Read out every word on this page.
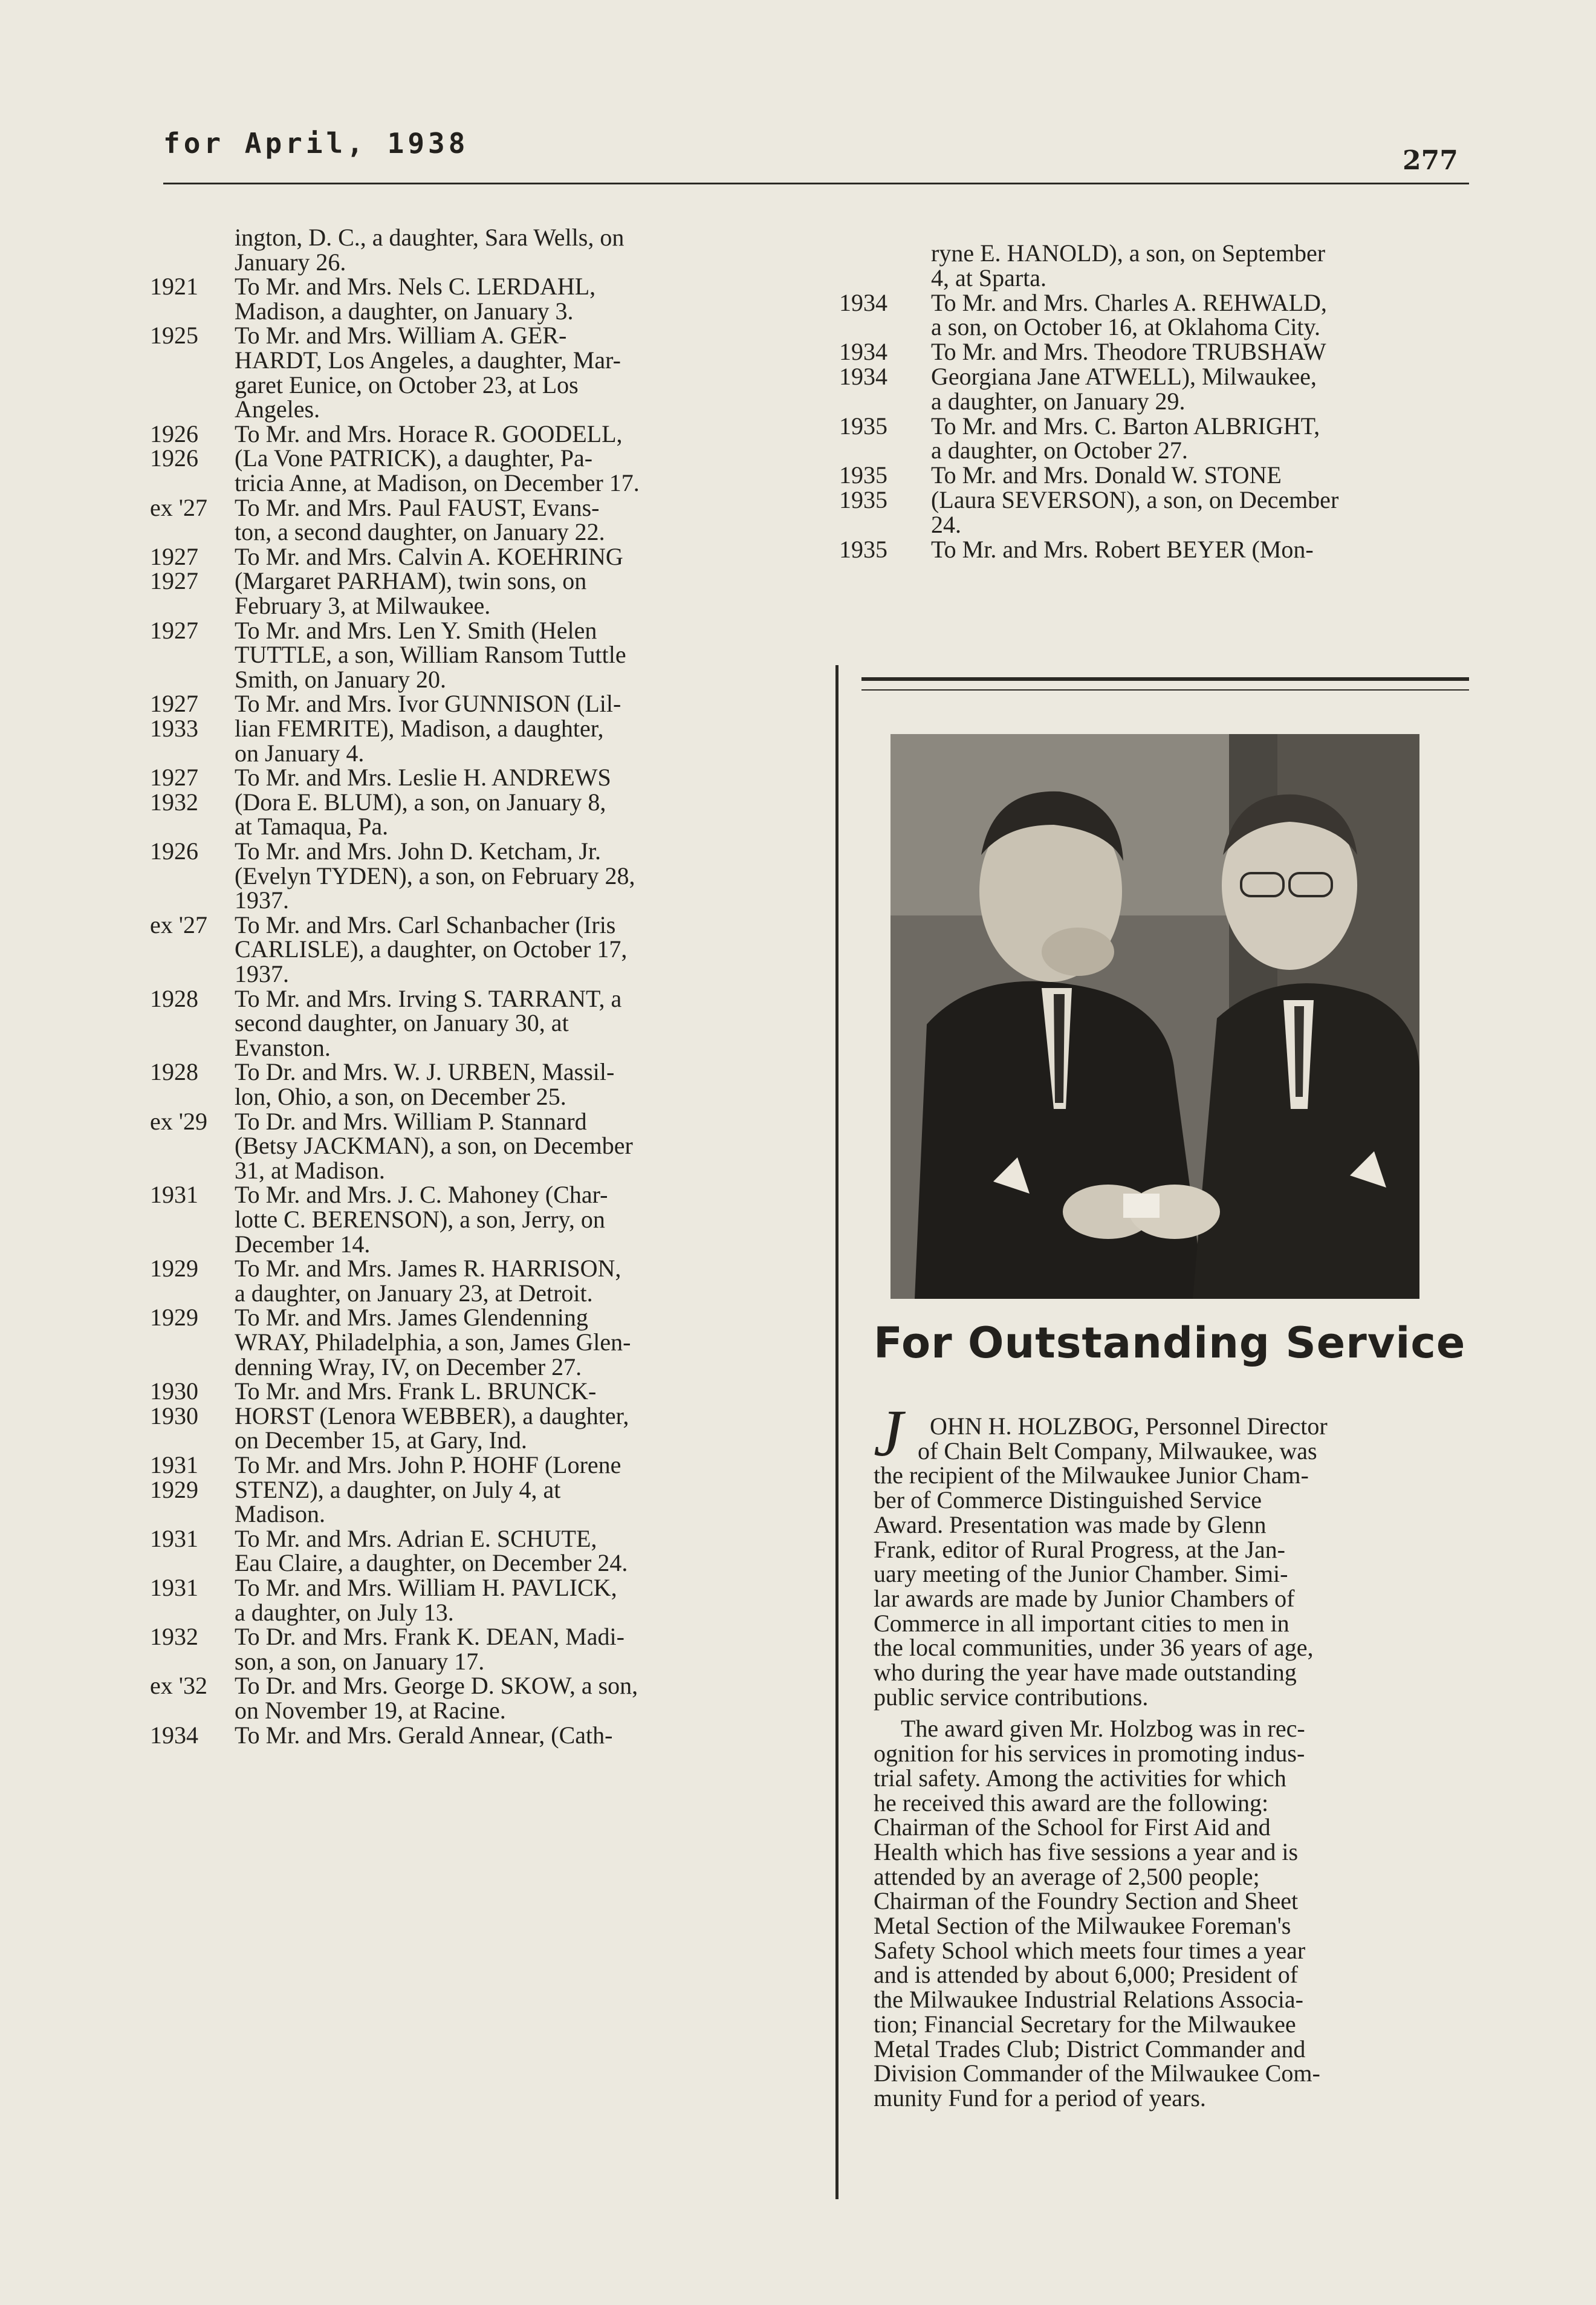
for April, 1938
277
ington, D. C., a daughter, Sara Wells, on
January 26.
1921 To Mr. and Mrs. Nels C. LERDAHL,
Madison, a daughter, on January 3.
1925 To Mr. and Mrs. William A. GER-
HARDT, Los Angeles, a daughter, Mar-
garet Eunice, on October 23, at Los
Angeles.
1926 To Mr. and Mrs. Horace R. GOODELL,
1926 (La Vone PATRICK), a daughter, Pa-
tricia Anne, at Madison, on December 17.
ex '27 To Mr. and Mrs. Paul FAUST, Evans-
ton, a second daughter, on January 22.
1927 To Mr. and Mrs. Calvin A. KOEHRING
1927 (Margaret PARHAM), twin sons, on
February 3, at Milwaukee.
1927 To Mr. and Mrs. Len Y. Smith (Helen
TUTTLE, a son, William Ransom Tuttle
Smith, on January 20.
1927 To Mr. and Mrs. Ivor GUNNISON (Lil-
1933 lian FEMRITE), Madison, a daughter,
on January 4.
1927 To Mr. and Mrs. Leslie H. ANDREWS
1932 (Dora E. BLUM), a son, on January 8,
at Tamaqua, Pa.
1926 To Mr. and Mrs. John D. Ketcham, Jr.
(Evelyn TYDEN), a son, on February 28,
1937.
ex '27 To Mr. and Mrs. Carl Schanbacher (Iris
CARLISLE), a daughter, on October 17,
1937.
1928 To Mr. and Mrs. Irving S. TARRANT, a
second daughter, on January 30, at
Evanston.
1928 To Dr. and Mrs. W. J. URBEN, Massil-
lon, Ohio, a son, on December 25.
ex '29 To Dr. and Mrs. William P. Stannard
(Betsy JACKMAN), a son, on December
31, at Madison.
1931 To Mr. and Mrs. J. C. Mahoney (Char-
lotte C. BERENSON), a son, Jerry, on
December 14.
1929 To Mr. and Mrs. James R. HARRISON,
a daughter, on January 23, at Detroit.
1929 To Mr. and Mrs. James Glendenning
WRAY, Philadelphia, a son, James Glen-
denning Wray, IV, on December 27.
1930 To Mr. and Mrs. Frank L. BRUNCK-
1930 HORST (Lenora WEBBER), a daughter,
on December 15, at Gary, Ind.
1931 To Mr. and Mrs. John P. HOHF (Lorene
1929 STENZ), a daughter, on July 4, at
Madison.
1931 To Mr. and Mrs. Adrian E. SCHUTE,
Eau Claire, a daughter, on December 24.
1931 To Mr. and Mrs. William H. PAVLICK,
a daughter, on July 13.
1932 To Dr. and Mrs. Frank K. DEAN, Madi-
son, a son, on January 17.
ex '32 To Dr. and Mrs. George D. SKOW, a son,
on November 19, at Racine.
1934 To Mr. and Mrs. Gerald Annear, (Cath-
ryne E. HANOLD), a son, on September
4, at Sparta.
1934 To Mr. and Mrs. Charles A. REHWALD,
a son, on October 16, at Oklahoma City.
1934 To Mr. and Mrs. Theodore TRUBSHAW
1934 Georgiana Jane ATWELL), Milwaukee,
a daughter, on January 29.
1935 To Mr. and Mrs. C. Barton ALBRIGHT,
a daughter, on October 27.
1935 To Mr. and Mrs. Donald W. STONE
1935 (Laura SEVERSON), a son, on December
24.
1935 To Mr. and Mrs. Robert BEYER (Mon-
For Outstanding Service
J OHN H. HOLZBOG, Personnel Director
of Chain Belt Company, Milwaukee, was
the recipient of the Milwaukee Junior Cham-
ber of Commerce Distinguished Service
Award. Presentation was made by Glenn
Frank, editor of Rural Progress, at the Jan-
uary meeting of the Junior Chamber. Simi-
lar awards are made by Junior Chambers of
Commerce in all important cities to men in
the local communities, under 36 years of age,
who during the year have made outstanding
public service contributions.
The award given Mr. Holzbog was in rec-
ognition for his services in promoting indus-
trial safety. Among the activities for which
he received this award are the following:
Chairman of the School for First Aid and
Health which has five sessions a year and is
attended by an average of 2,500 people;
Chairman of the Foundry Section and Sheet
Metal Section of the Milwaukee Foreman's
Safety School which meets four times a year
and is attended by about 6,000; President of
the Milwaukee Industrial Relations Associa-
tion; Financial Secretary for the Milwaukee
Metal Trades Club; District Commander and
Division Commander of the Milwaukee Com-
munity Fund for a period of years.
